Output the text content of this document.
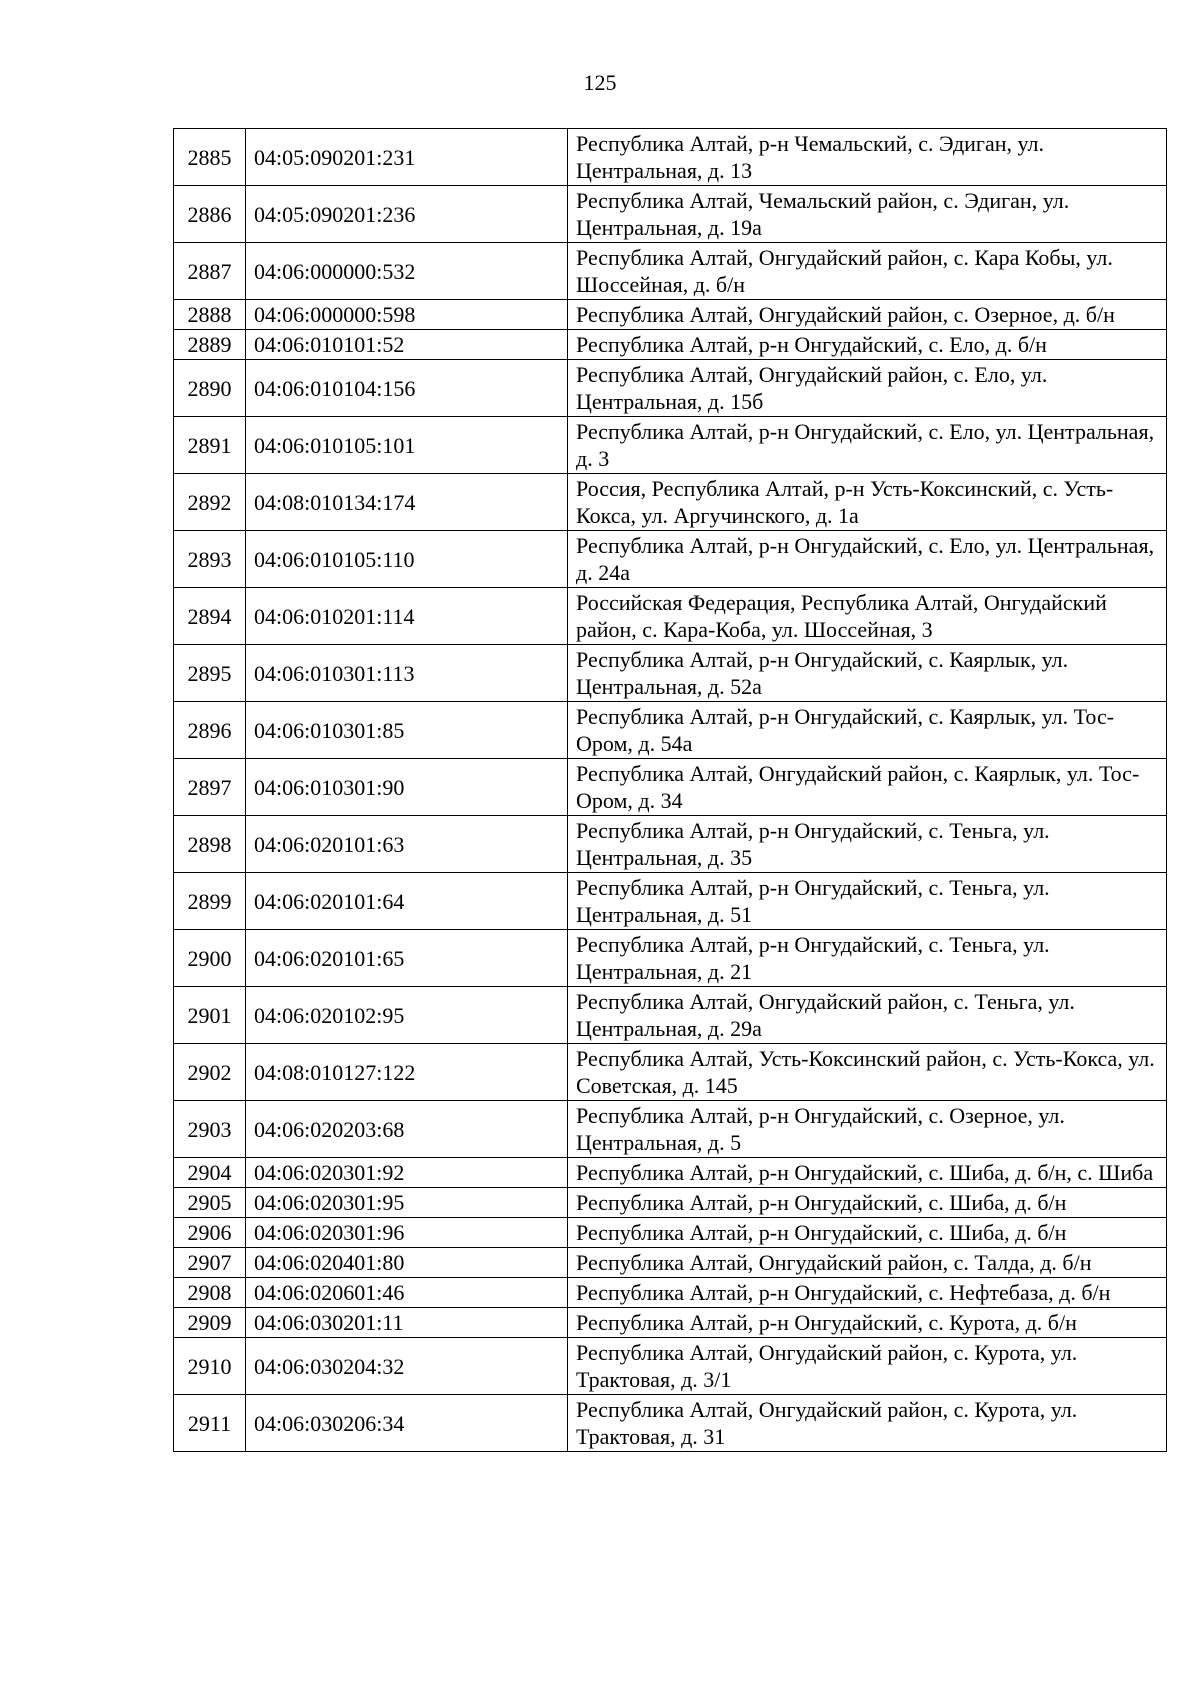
125
2885	04:05:090201:231	Республика Алтай, р-н Чемальский, с. Эдиган, ул. Центральная, д. 13
2886	04:05:090201:236	Республика Алтай, Чемальский район, с. Эдиган, ул. Центральная, д. 19а
2887	04:06:000000:532	Республика Алтай, Онгудайский район, с. Кара Кобы, ул. Шоссейная, д. б/н
2888	04:06:000000:598	Республика Алтай, Онгудайский район, с. Озерное, д. б/н
2889	04:06:010101:52	Республика Алтай, р-н Онгудайский, с. Ело, д. б/н
2890	04:06:010104:156	Республика Алтай, Онгудайский район, с. Ело, ул. Центральная, д. 15б
2891	04:06:010105:101	Республика Алтай, р-н Онгудайский, с. Ело, ул. Центральная, д. 3
2892	04:08:010134:174	Россия, Республика Алтай, р-н Усть-Коксинский, с. Усть-Кокса, ул. Аргучинского, д. 1а
2893	04:06:010105:110	Республика Алтай, р-н Онгудайский, с. Ело, ул. Центральная, д. 24а
2894	04:06:010201:114	Российская Федерация, Республика Алтай, Онгудайский район, с. Кара-Коба, ул. Шоссейная, 3
2895	04:06:010301:113	Республика Алтай, р-н Онгудайский, с. Каярлык, ул. Центральная, д. 52а
2896	04:06:010301:85	Республика Алтай, р-н Онгудайский, с. Каярлык, ул. Тос-Ором, д. 54а
2897	04:06:010301:90	Республика Алтай, Онгудайский район, с. Каярлык, ул. Тос-Ором, д. 34
2898	04:06:020101:63	Республика Алтай, р-н Онгудайский, с. Теньга, ул. Центральная, д. 35
2899	04:06:020101:64	Республика Алтай, р-н Онгудайский, с. Теньга, ул. Центральная, д. 51
2900	04:06:020101:65	Республика Алтай, р-н Онгудайский, с. Теньга, ул. Центральная, д. 21
2901	04:06:020102:95	Республика Алтай, Онгудайский район, с. Теньга, ул. Центральная, д. 29а
2902	04:08:010127:122	Республика Алтай, Усть-Коксинский район, с. Усть-Кокса, ул. Советская, д. 145
2903	04:06:020203:68	Республика Алтай, р-н Онгудайский, с. Озерное, ул. Центральная, д. 5
2904	04:06:020301:92	Республика Алтай, р-н Онгудайский, с. Шиба, д. б/н, с. Шиба
2905	04:06:020301:95	Республика Алтай, р-н Онгудайский, с. Шиба, д. б/н
2906	04:06:020301:96	Республика Алтай, р-н Онгудайский, с. Шиба, д. б/н
2907	04:06:020401:80	Республика Алтай, Онгудайский район, с. Талда, д. б/н
2908	04:06:020601:46	Республика Алтай, р-н Онгудайский, с. Нефтебаза, д. б/н
2909	04:06:030201:11	Республика Алтай, р-н Онгудайский, с. Курота, д. б/н
2910	04:06:030204:32	Республика Алтай, Онгудайский район, с. Курота, ул. Трактовая, д. 3/1
2911	04:06:030206:34	Республика Алтай, Онгудайский район, с. Курота, ул. Трактовая, д. 31
